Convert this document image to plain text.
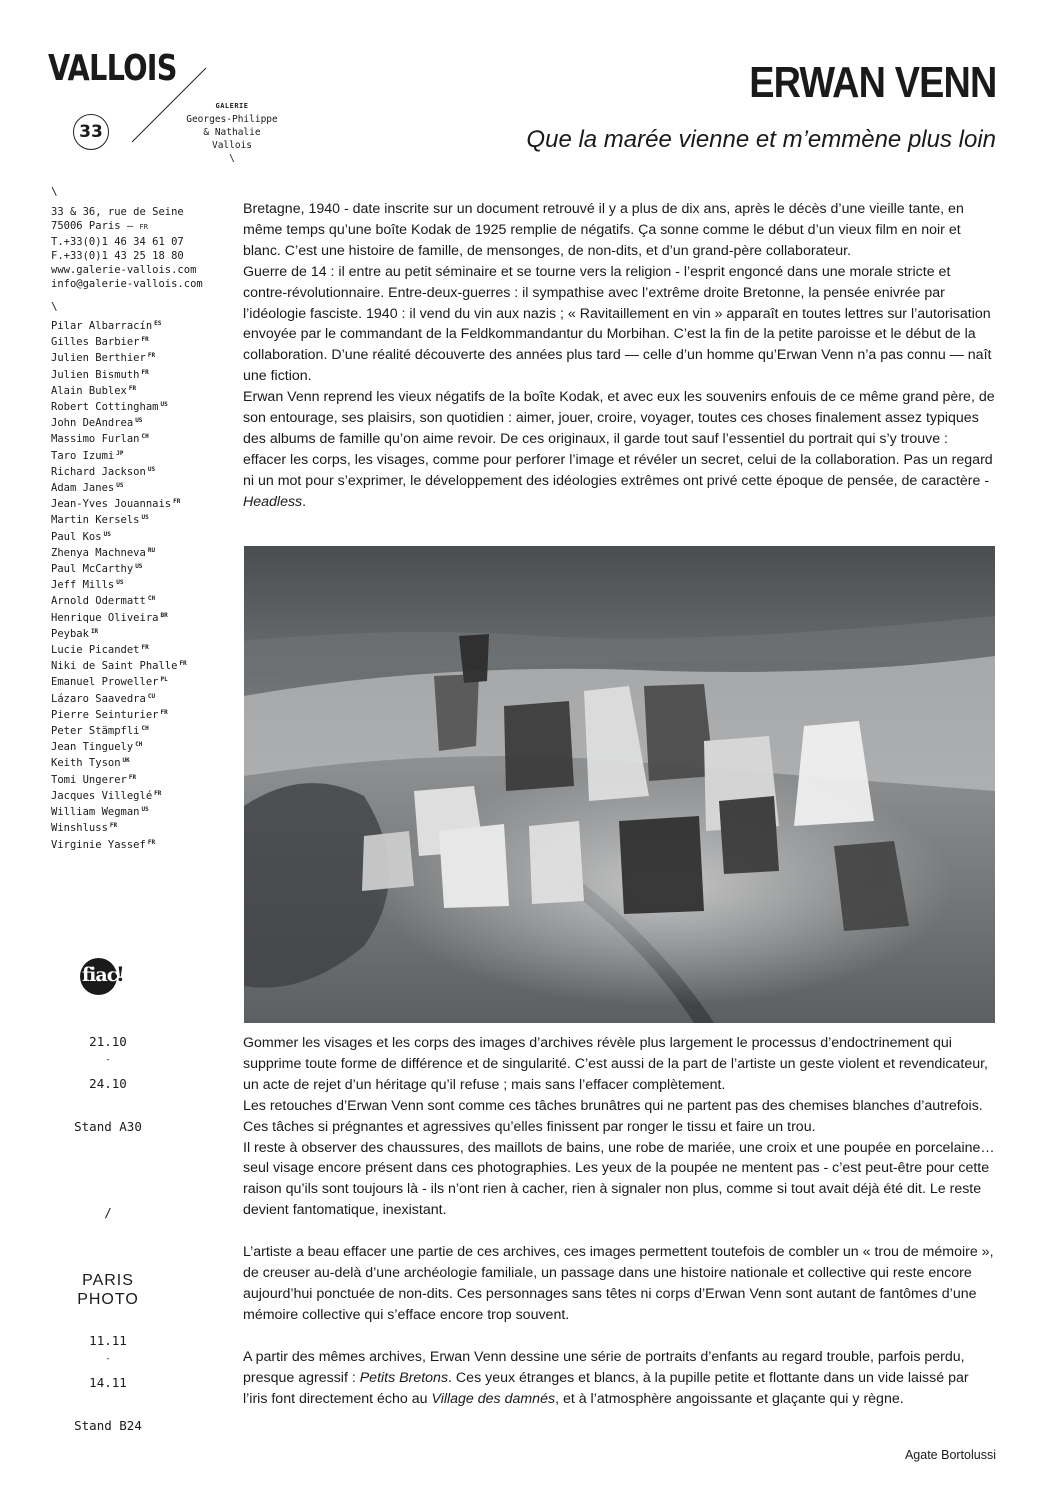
VALLOIS
33
GALERIE
Georges-Philippe
& Nathalie
Vallois
\
ERWAN VENN
Que la marée vienne et m’emmène plus loin
\
33 & 36, rue de Seine
75006 Paris – FR
T.+33(0)1 46 34 61 07
F.+33(0)1 43 25 18 80
www.galerie-vallois.com
info@galerie-vallois.com
\
Pilar Albarracín $^{ES}$
Gilles Barbier $^{FR}$
Julien Berthier $^{FR}$
Julien Bismuth $^{FR}$
Alain Bublex $^{FR}$
Robert Cottingham $^{US}$
John DeAndrea $^{US}$
Massimo Furlan $^{CH}$
Taro Izumi $^{JP}$
Richard Jackson $^{US}$
Adam Janes $^{US}$
Jean-Yves Jouannais $^{FR}$
Martin Kersels $^{US}$
Paul Kos $^{US}$
Zhenya Machneva $^{RU}$
Paul McCarthy $^{US}$
Jeff Mills $^{US}$
Arnold Odermatt $^{CH}$
Henrique Oliveira $^{BR}$
Peybak $^{IR}$
Lucie Picandet $^{FR}$
Niki de Saint Phalle $^{FR}$
Emanuel Proweller $^{PL}$
Lázaro Saavedra $^{CU}$
Pierre Seinturier $^{FR}$
Peter Stämpfli $^{CH}$
Jean Tinguely $^{CH}$
Keith Tyson $^{UK}$
Tomi Ungerer $^{FR}$
Jacques Villeglé $^{FR}$
William Wegman $^{US}$
Winshluss $^{FR}$
Virginie Yassef $^{FR}$
fiac
!
21.10
-
24.10
Stand A30
/
PARIS
PHOTO
11.11
-
14.11
Stand B24

Bretagne, 1940 - date inscrite sur un document retrouvé il y a plus de dix ans, après le décès d’une vieille tante, en même temps qu’une boîte Kodak de 1925 remplie de négatifs. Ça sonne comme le début d’un vieux film en noir et blanc. C’est une histoire de famille, de mensonges, de non-dits, et d’un grand-père collaborateur.

Guerre de 14 : il entre au petit séminaire et se tourne vers la religion - l’esprit engoncé dans une morale stricte et contre-révolutionnaire. Entre-deux-guerres : il sympathise avec l’extrême droite Bretonne, la pensée enivrée par l’idéologie fasciste. 1940 : il vend du vin aux nazis ; « Ravitaillement en vin » apparaît en toutes lettres sur l’autorisation envoyée par le commandant de la Feldkommandantur du Morbihan. C’est la fin de la petite paroisse et le début de la collaboration. D’une réalité découverte des années plus tard — celle d’un homme qu’Erwan Venn n’a pas connu — naît une fiction.

Erwan Venn reprend les vieux négatifs de la boîte Kodak, et avec eux les souvenirs enfouis de ce même grand père, de son entourage, ses plaisirs, son quotidien : aimer, jouer, croire, voyager, toutes ces choses finalement assez typiques des albums de famille qu’on aime revoir. De ces originaux, il garde tout sauf l’essentiel du portrait qui s’y trouve : effacer les corps, les visages, comme pour perforer l’image et révéler un secret, celui de la collaboration. Pas un regard ni un mot pour s’exprimer, le développement des idéologies extrêmes ont privé cette époque de pensée, de caractère - Headless.

Gommer les visages et les corps des images d’archives révèle plus largement le processus d’endoctrinement qui supprime toute forme de différence et de singularité. C’est aussi de la part de l’artiste un geste violent et revendicateur, un acte de rejet d’un héritage qu’il refuse ; mais sans l’effacer complètement.

Les retouches d’Erwan Venn sont comme ces tâches brunâtres qui ne partent pas des chemises blanches d’autrefois. Ces tâches si prégnantes et agressives qu’elles finissent par ronger le tissu et faire un trou.

Il reste à observer des chaussures, des maillots de bains, une robe de mariée, une croix et une poupée en porcelaine… seul visage encore présent dans ces photographies. Les yeux de la poupée ne mentent pas - c’est peut-être pour cette raison qu’ils sont toujours là - ils n’ont rien à cacher, rien à signaler non plus, comme si tout avait déjà été dit. Le reste devient fantomatique, inexistant.

L’artiste a beau effacer une partie de ces archives, ces images permettent toutefois de combler un « trou de mémoire », de creuser au-delà d’une archéologie familiale, un passage dans une histoire nationale et collective qui reste encore aujourd’hui ponctuée de non-dits. Ces personnages sans têtes ni corps d’Erwan Venn sont autant de fantômes d’une mémoire collective qui s’efface encore trop souvent.

A partir des mêmes archives, Erwan Venn dessine une série de portraits d’enfants au regard trouble, parfois perdu, presque agressif : Petits Bretons. Ces yeux étranges et blancs, à la pupille petite et flottante dans un vide laissé par l’iris font directement écho au Village des damnés, et à l’atmosphère angoissante et glaçante qui y règne.

Agate Bortolussi
